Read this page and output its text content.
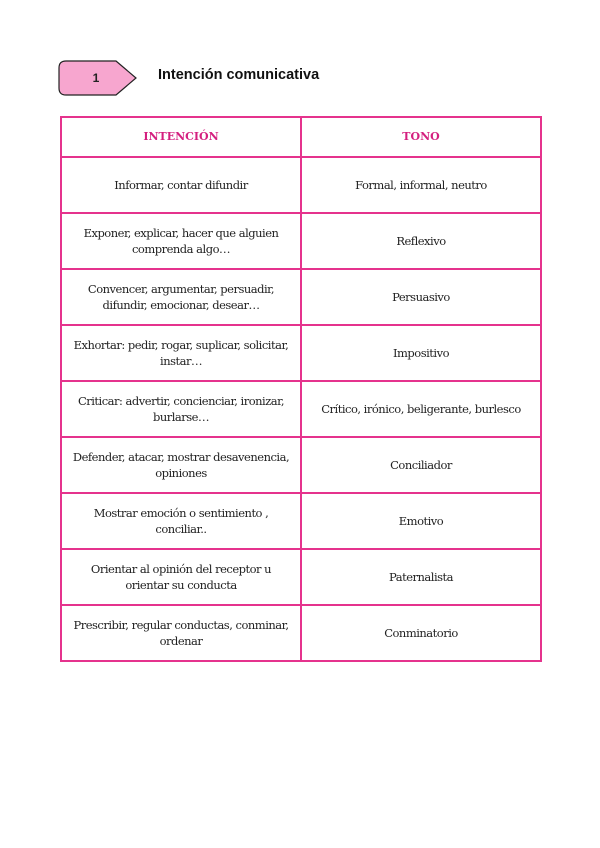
1	Intención comunicativa
INTENCIÓN	TONO
Informar, contar difundir	Formal, informal, neutro
Exponer, explicar, hacer que alguien comprenda algo…	Reflexivo
Convencer, argumentar, persuadir, difundir, emocionar, desear…	Persuasivo
Exhortar: pedir, rogar, suplicar, solicitar, instar…	Impositivo
Criticar: advertir, concienciar, ironizar, burlarse…	Crítico, irónico, beligerante, burlesco
Defender, atacar, mostrar desavenencia, opiniones	Conciliador
Mostrar emoción o sentimiento , conciliar..	Emotivo
Orientar al opinión del receptor u orientar su conducta	Paternalista
Prescribir, regular conductas, conminar, ordenar	Conminatorio
